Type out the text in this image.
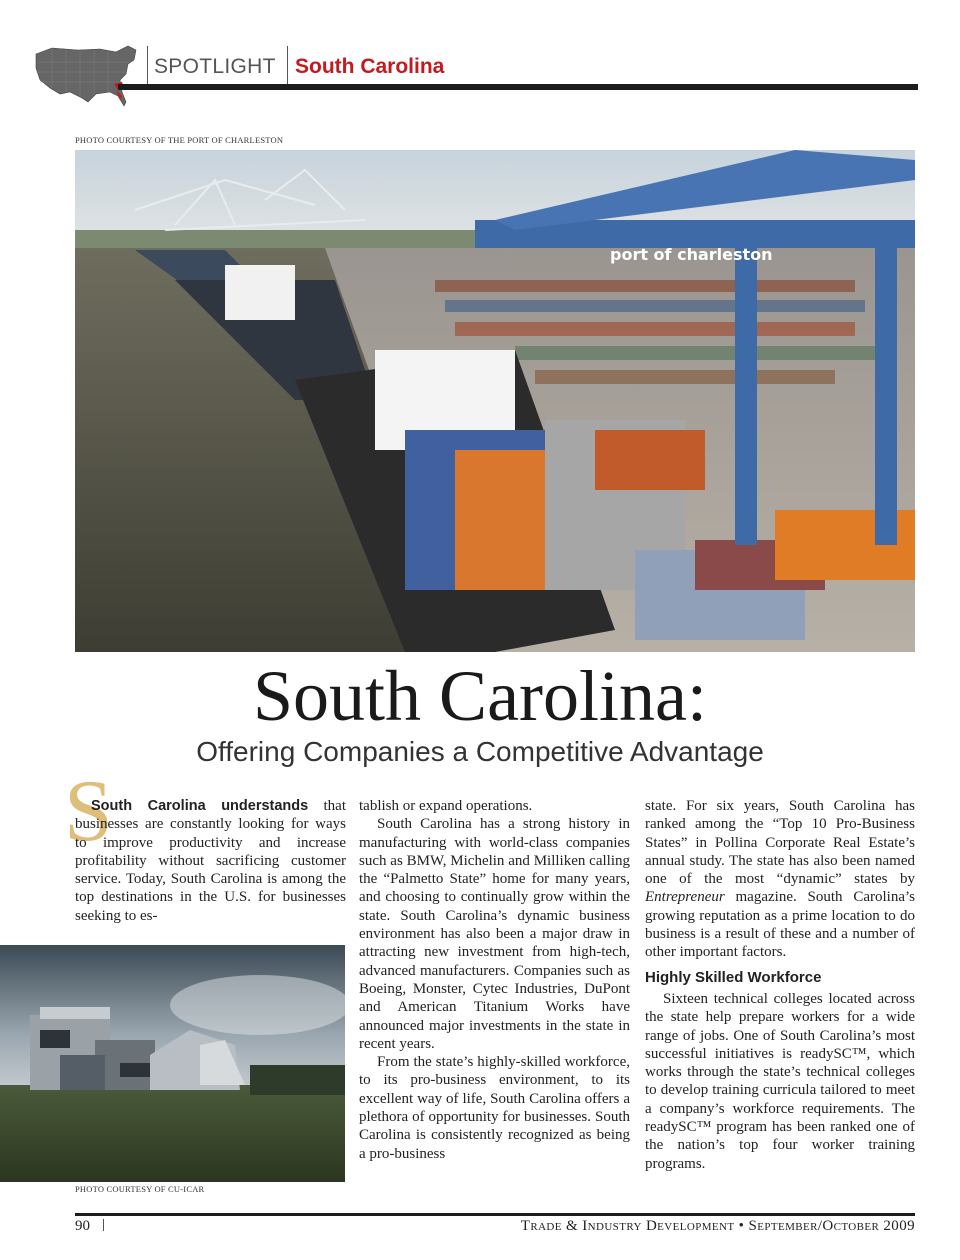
SPOTLIGHT South Carolina
PHOTO COURTESY OF THE PORT OF CHARLESTON
port of charleston
South Carolina:
Offering Companies a Competitive Advantage
S

South Carolina understands that businesses are constantly looking for ways to improve productivity and increase profitability without sacrificing customer service. Today, South Carolina is among the top destinations in the U.S. for businesses seeking to es-

PHOTO COURTESY OF CU-ICAR

tablish or expand operations.

South Carolina has a strong history in manufacturing with world-class companies such as BMW, Michelin and Milliken calling the “Palmetto State” home for many years, and choosing to continually grow within the state. South Carolina’s dynamic business environment has also been a major draw in attracting new investment from high-tech, advanced manufacturers. Companies such as Boeing, Monster, Cytec Industries, DuPont and American Titanium Works have announced major investments in the state in recent years.

From the state’s highly-skilled workforce, to its pro-business environment, to its excellent way of life, South Carolina offers a plethora of opportunity for businesses. South Carolina is consistently recognized as being a pro-business

state. For six years, South Carolina has ranked among the “Top 10 Pro-Business States” in Pollina Corporate Real Estate’s annual study. The state has also been named one of the most “dynamic” states by Entrepreneur magazine. South Carolina’s growing reputation as a prime location to do business is a result of these and a number of other important factors.

Highly Skilled Workforce

Sixteen technical colleges located across the state help prepare workers for a wide range of jobs. One of South Carolina’s most successful initiatives is readySC™, which works through the state’s technical colleges to develop training curricula tailored to meet a company’s workforce requirements. The readySC™ program has been ranked one of the nation’s top four worker training programs.

90	Trade & Industry Development • September/October 2009
